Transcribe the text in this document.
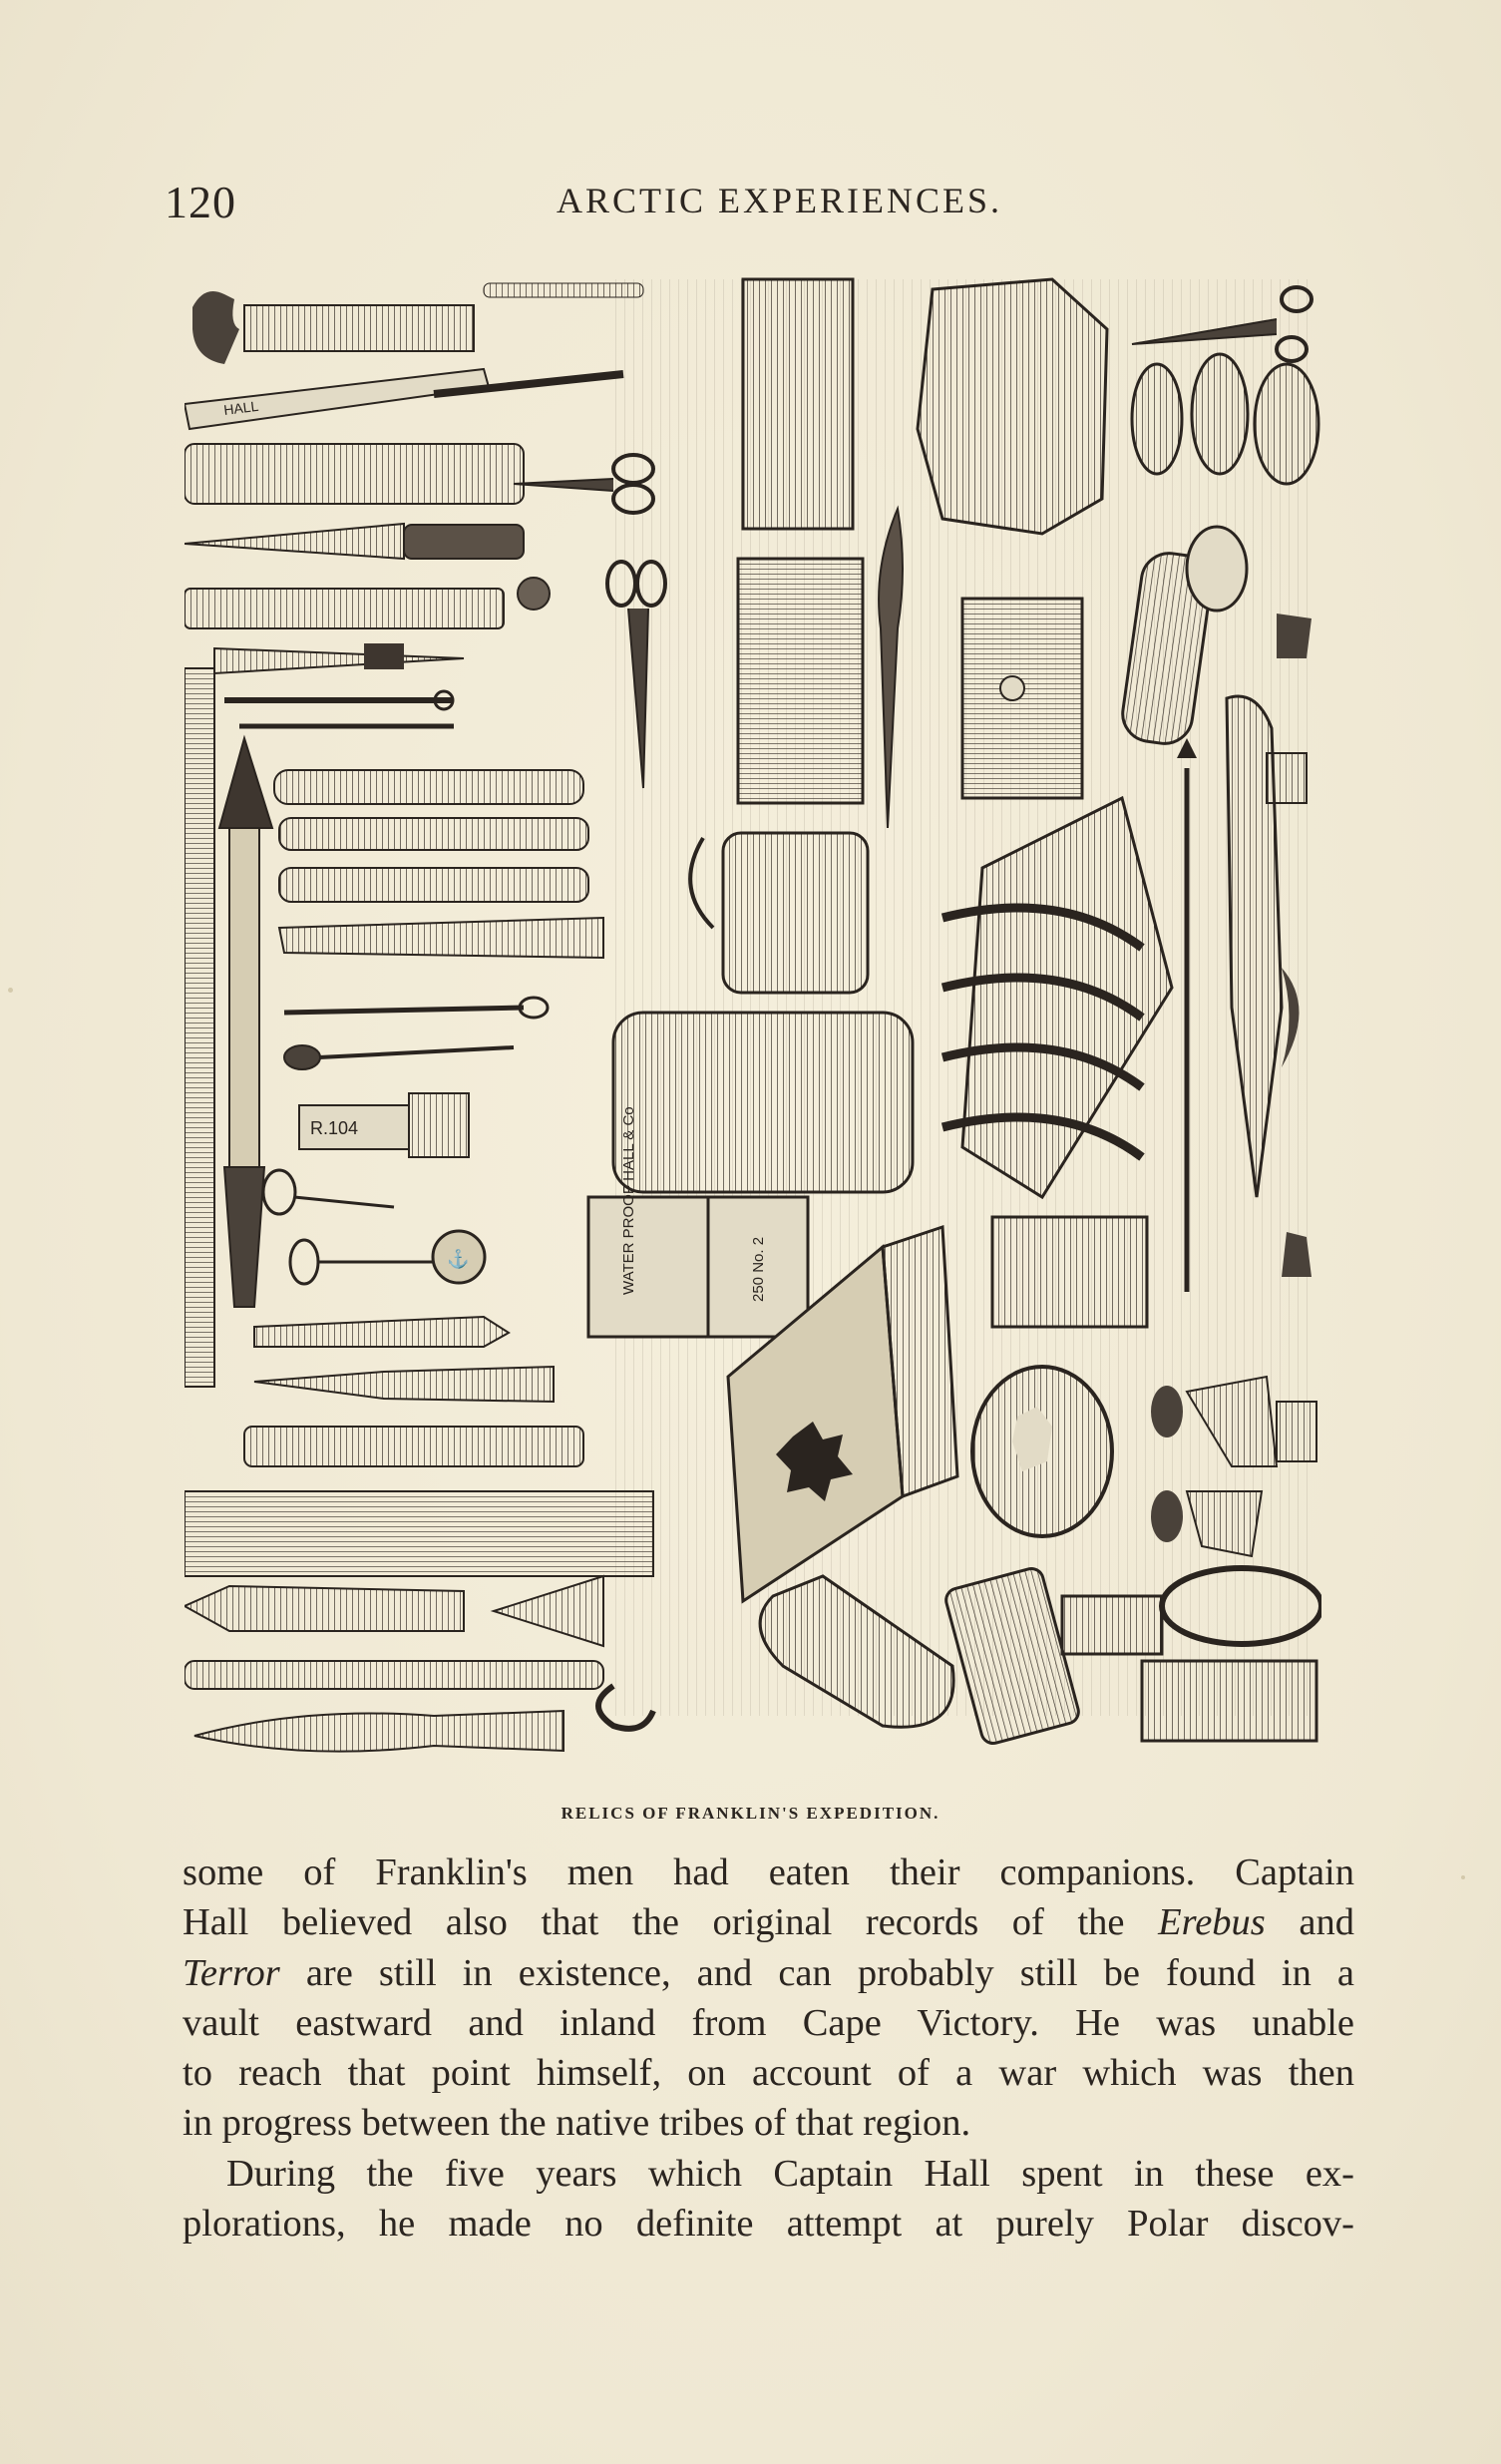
120	ARCTIC EXPERIENCES.
HALL
R.104
⚓	WATER PROOF HALL & Co	250 No. 2
RELICS OF FRANKLIN'S EXPEDITION.
some of Franklin's men had eaten their companions. Captain
Hall believed also that the original records of the Erebus and
Terror are still in existence, and can probably still be found in a
vault eastward and inland from Cape Victory. He was unable
to reach that point himself, on account of a war which was then
in progress between the native tribes of that region.
During the five years which Captain Hall spent in these ex-
plorations, he made no definite attempt at purely Polar discov-
